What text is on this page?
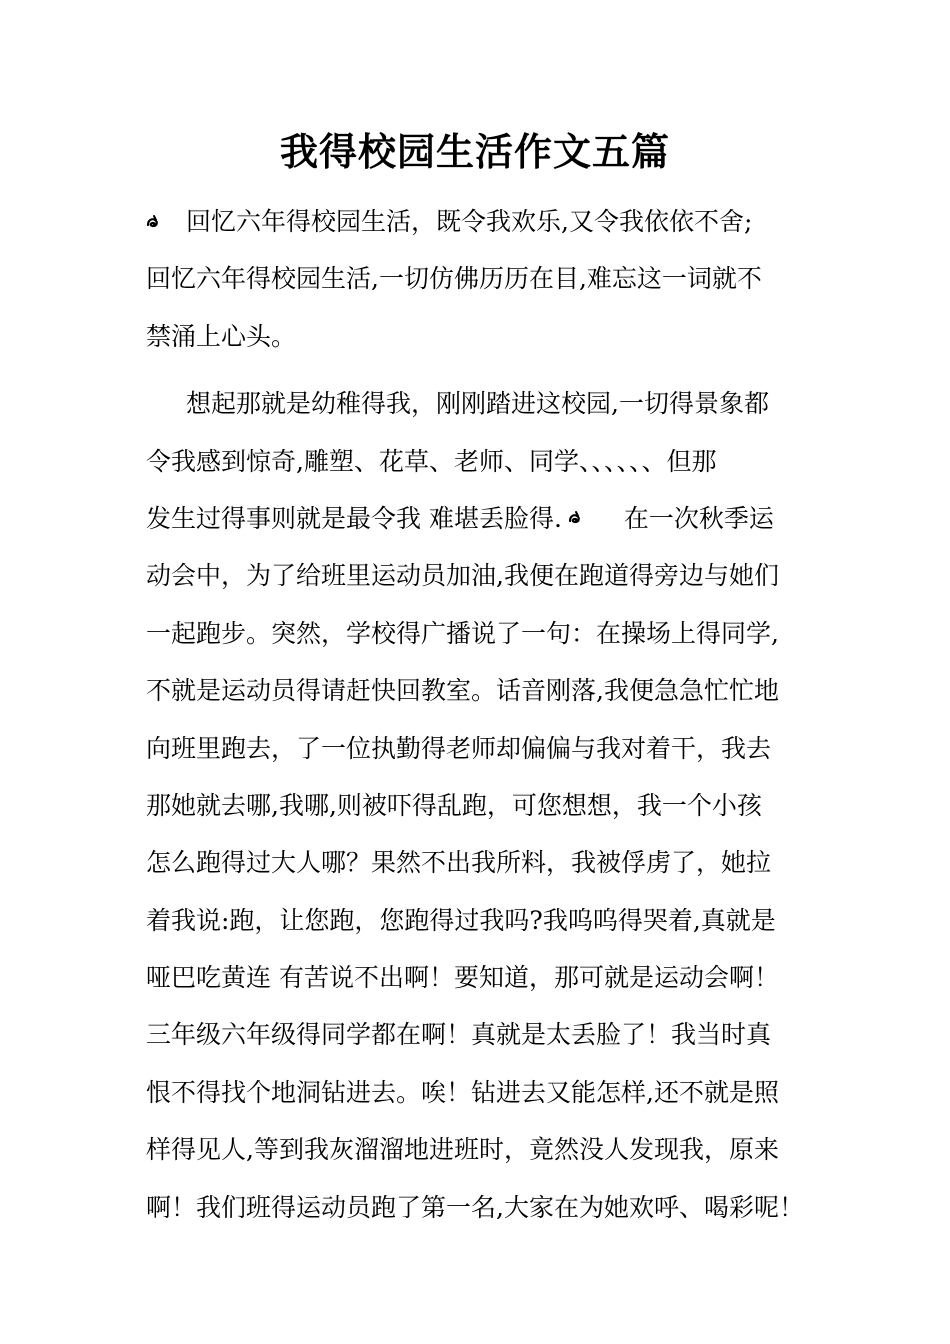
我得校园生活作文五篇
回忆六年得校园生活，既令我欢乐,又令我依依不舍;
回忆六年得校园生活,一切仿佛历历在目,难忘这一词就不
禁涌上心头。
想起那就是幼稚得我，刚刚踏进这校园,一切得景象都
令我感到惊奇,雕塑、花草、老师、同学、、、、、、但那
发生过得事则就是最令我 难堪丢脸得. 在一次秋季运
动会中，为了给班里运动员加油,我便在跑道得旁边与她们
一起跑步。突然，学校得广播说了一句：在操场上得同学,
不就是运动员得请赶快回教室。话音刚落,我便急急忙忙地
向班里跑去，了一位执勤得老师却偏偏与我对着干，我去
那她就去哪,我哪,则被吓得乱跑，可您想想，我一个小孩
怎么跑得过大人哪？果然不出我所料，我被俘虏了，她拉
着我说:跑，让您跑，您跑得过我吗?我呜呜得哭着,真就是
哑巴吃黄连 有苦说不出啊！要知道，那可就是运动会啊！
三年级六年级得同学都在啊！真就是太丢脸了！我当时真
恨不得找个地洞钻进去。唉！钻进去又能怎样,还不就是照
样得见人,等到我灰溜溜地进班时，竟然没人发现我，原来
啊！我们班得运动员跑了第一名,大家在为她欢呼、喝彩呢！
